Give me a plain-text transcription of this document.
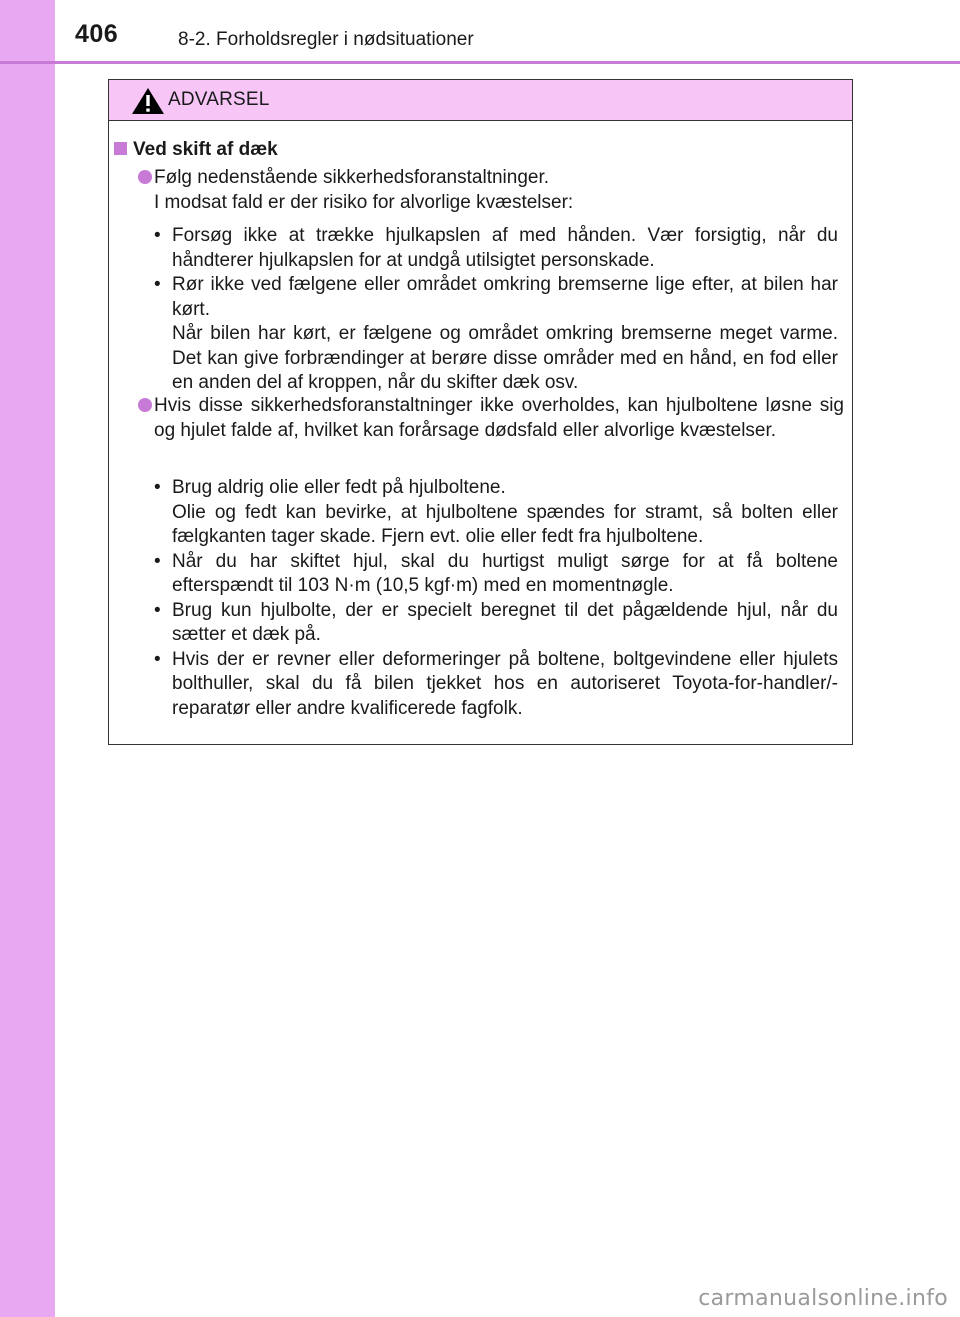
406	8-2. Forholdsregler i nødsituationer
ADVARSEL
Ved skift af dæk
Følg nedenstående sikkerhedsforanstaltninger.
I modsat fald er der risiko for alvorlige kvæstelser:
• Forsøg ikke at trække hjulkapslen af med hånden. Vær forsigtig, når du håndterer hjulkapslen for at undgå utilsigtet personskade.
• Rør ikke ved fælgene eller området omkring bremserne lige efter, at bilen har kørt.
Når bilen har kørt, er fælgene og området omkring bremserne meget varme. Det kan give forbrændinger at berøre disse områder med en hånd, en fod eller en anden del af kroppen, når du skifter dæk osv.
Hvis disse sikkerhedsforanstaltninger ikke overholdes, kan hjulboltene løsne sig og hjulet falde af, hvilket kan forårsage dødsfald eller alvorlige kvæstelser.
• Brug aldrig olie eller fedt på hjulboltene.
Olie og fedt kan bevirke, at hjulboltene spændes for stramt, så bolten eller fælgkanten tager skade. Fjern evt. olie eller fedt fra hjulboltene.
• Når du har skiftet hjul, skal du hurtigst muligt sørge for at få boltene efterspændt til 103 N·m (10,5 kgf·m) med en momentnøgle.
• Brug kun hjulbolte, der er specielt beregnet til det pågældende hjul, når du sætter et dæk på.
• Hvis der er revner eller deformeringer på boltene, boltgevindene eller hjulets bolthuller, skal du få bilen tjekket hos en autoriseret Toyota-for-handler/-reparatør eller andre kvalificerede fagfolk.
carmanualsonline.info
